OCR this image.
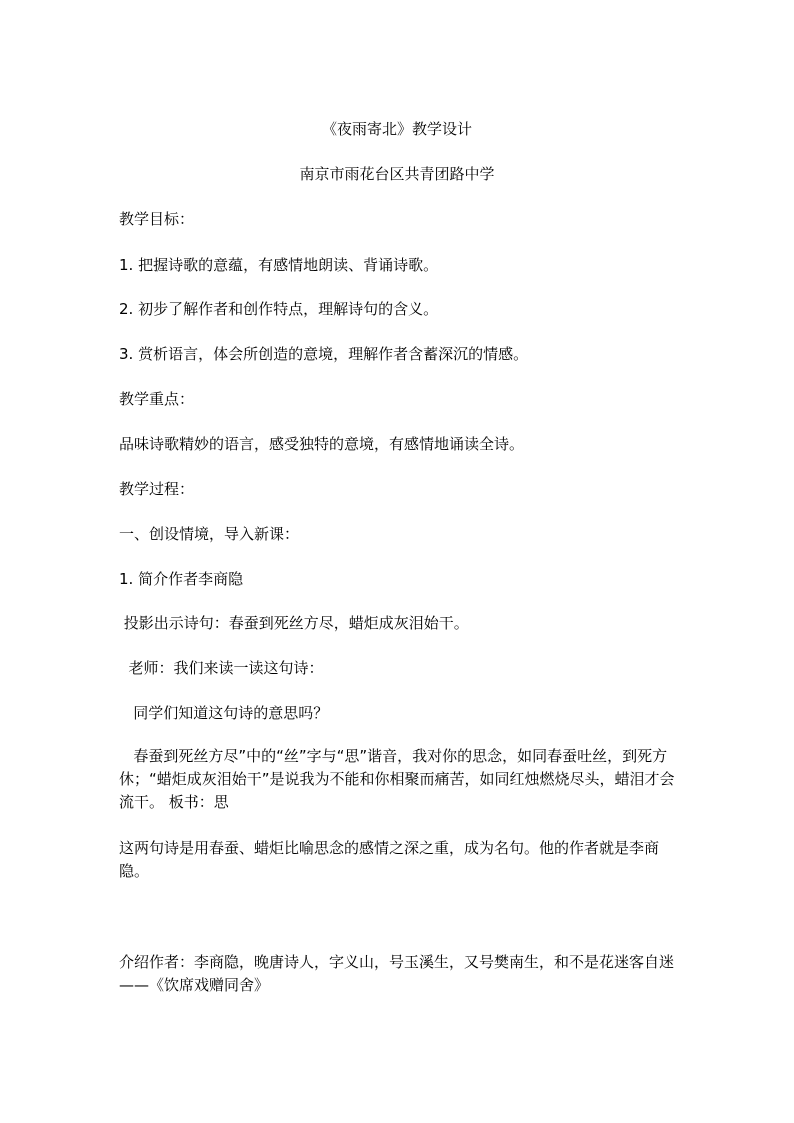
《夜雨寄北》教学设计
南京市雨花台区共青团路中学
教学目标：
1. 把握诗歌的意蕴，有感情地朗读、背诵诗歌。
2. 初步了解作者和创作特点，理解诗句的含义。
3. 赏析语言，体会所创造的意境，理解作者含蓄深沉的情感。
教学重点：
品味诗歌精妙的语言，感受独特的意境，有感情地诵读全诗。
教学过程：
一、创设情境，导入新课：
1. 简介作者李商隐
投影出示诗句：春蚕到死丝方尽，蜡炬成灰泪始干。
老师：我们来读一读这句诗：
同学们知道这句诗的意思吗？
春蚕到死丝方尽”中的“丝”字与“思”谐音，我对你的思念，如同春蚕吐丝，到死方休；“蜡炬成灰泪始干”是说我为不能和你相聚而痛苦，如同红烛燃烧尽头，蜡泪才会流干。 板书：思
这两句诗是用春蚕、蜡炬比喻思念的感情之深之重，成为名句。他的作者就是李商隐。
介绍作者：李商隐，晚唐诗人，字义山，号玉溪生，又号樊南生，和不是花迷客自迷——《饮席戏赠同舍》
